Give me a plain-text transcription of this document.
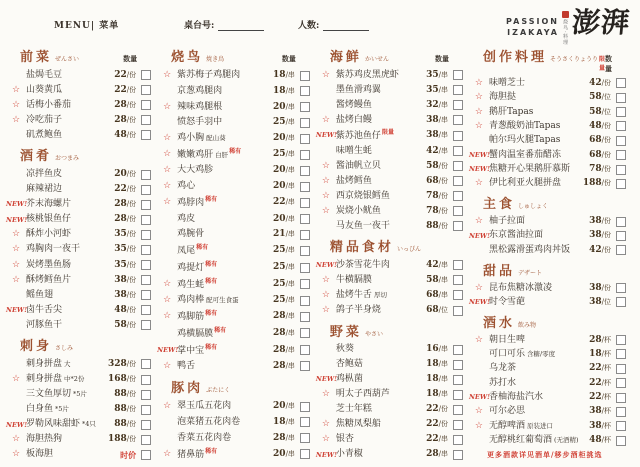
MENU| 菜单	桌台号:	人数:	PASSION
IZAKAYA 烧鸟·料理 澎湃
前菜 ぜんさい	数量
盐焗毛豆	22/份
☆ 山葵黄瓜	22/份
☆ 话梅小番茄	28/份
☆ 冷吃茄子	28/份
矶煮鲍鱼	48/份
酒肴 おつまみ
凉拌鱼皮	20/份
麻辣裙边	22/份
NEW!
芥末海螺片	28/份
NEW!
核桃银鱼仔	28/份
☆ 酥炸小河虾	35/份
☆ 鸡胸肉一夜干	35/份
☆ 炭烤墨鱼肠	35/份
☆ 酥烤鳕鱼片	38/份
鳐鱼翅	38/份
NEW!
卤牛舌尖	48/份
河豚鱼干	58/份
刺身 さしみ
刺身拼盘 大	328/份
☆ 刺身拼盘 中*2份	168/份
三文鱼厚切 *5片	88/份
白身鱼 *5片	88/份
NEW!
罗勒风味甜虾 *4只 88/份
☆ 海胆热狗	188/份
☆ 板海胆	时价
烧鸟 焼き鳥	数量
☆ 紫苏梅子鸡腿肉	18/串
京葱鸡腿肉	18/串
☆ 辣味鸡腿根	20/串
愤怒手羽中	25/串
☆ 鸡小胸 配山葵	20/串
☆ 嫩嫩鸡肝 白肝$^{稀有}$	25/串
☆ 大大鸡胗	20/串
☆ 鸡心	20/串
☆ 鸡脖肉$^{稀有}$	22/串
鸡皮	20/串
鸡腕骨	21/串
凤尾$^{稀有}$	25/串
鸡提灯$^{稀有}$	25/串
☆ 鸡生蚝$^{稀有}$	25/串
☆ 鸡肉棒 配可生食蛋	25/串
☆ 鸡脚筋$^{稀有}$	28/串
鸡横膈膜$^{稀有}$	28/串
NEW!
掌中宝$^{稀有}$	28/串
☆ 鸭舌	28/串
豚肉 ぶたにく
☆ 翠玉瓜五花肉	20/串
泡菜猪五花肉卷	18/串
香菜五花肉卷	28/串
☆ 猪鼻筋$^{稀有}$	20/串
海鲜 かいせん	数量
☆ 紫苏鸡皮黑虎虾	35/串
墨鱼滑鸡翼	35/串
酱烤鳗鱼	32/串
☆ 盐烤白鳗	38/串
NEW!
紫苏池鱼仔$^{限量}$	38/串
味噌生蚝	42/串
☆ 酱油帆立贝	58/份
☆ 盐烤鳕鱼	68/份
☆ 西京烧银鳕鱼	78/份
☆ 炭烧小鱿鱼	78/份
马友鱼一夜干	88/份
精品食材 いっぴん
NEW!
沙茶雪花牛肉	42/串
☆ 牛横膈膜	58/串
☆ 盐烤牛舌 厚切	68/串
☆ 鸽子半身烧	68/位
野菜 やさい
秋葵	16/串
杏鲍菇	18/串
NEW!
鸡枞菌	18/串
☆ 明太子西葫芦	18/串
芝士年糕	22/份
☆ 焦糖凤梨船	22/份
☆ 银杏	22/串
NEW!
小青椒	28/串
创作料理 そうさくりょうり 限量
数量
☆ 味噌芝士	42/份
☆ 海胆挞	58/位
☆ 鹅肝Tapas	58/位
☆ 青葱酸奶油Tapas	48/份
帕尔玛火腿Tapas	68/份
NEW!
蟹肉温室番茄醋冻	68/份
NEW!
焦糖开心果鹅肝慕斯 78/份
☆ 伊比利亚火腿拼盘 188/份
主食 しゅしょく
☆ 柚子拉面	38/份
NEW!
东京酱油拉面	38/份
黑松露滑蛋鸡肉丼饭 42/份
甜品 デザート
☆ 昆布焦糖冰激凌	38/份
NEW!
时令雪葩	38/位
酒水 飲み物
☆ 朝日生啤	28/杯
可口可乐 含糖/零度	18/杯
乌龙茶	22/杯
苏打水	22/杯
NEW!
香柚海盐汽水	22/杯
☆ 可尔必思	38/杯
☆ 无醇啤酒 原装进口	38/杯
无醇桃红葡萄酒 (无酒精) 48/杯
更多酒款详见酒单/移步酒柜挑选
